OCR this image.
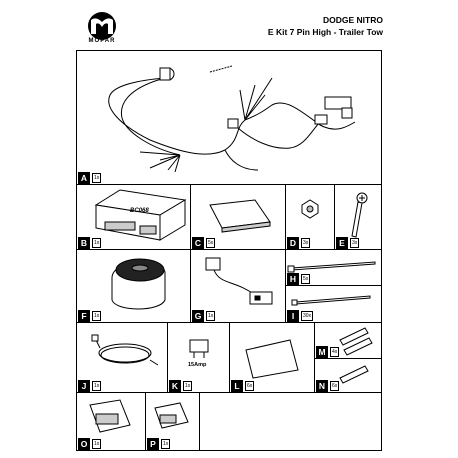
MOPAR
DODGE NITRO
E Kit 7 Pin High - Trailer Tow
BC068
15Amp
A	1x
B	1x	C	5x	D	3x	E	3x
F	1x	G	1x
H	5x
I	30x
J	1x	K	1x	L	6x
M	4x
N	6x
O	1x	P	1x
